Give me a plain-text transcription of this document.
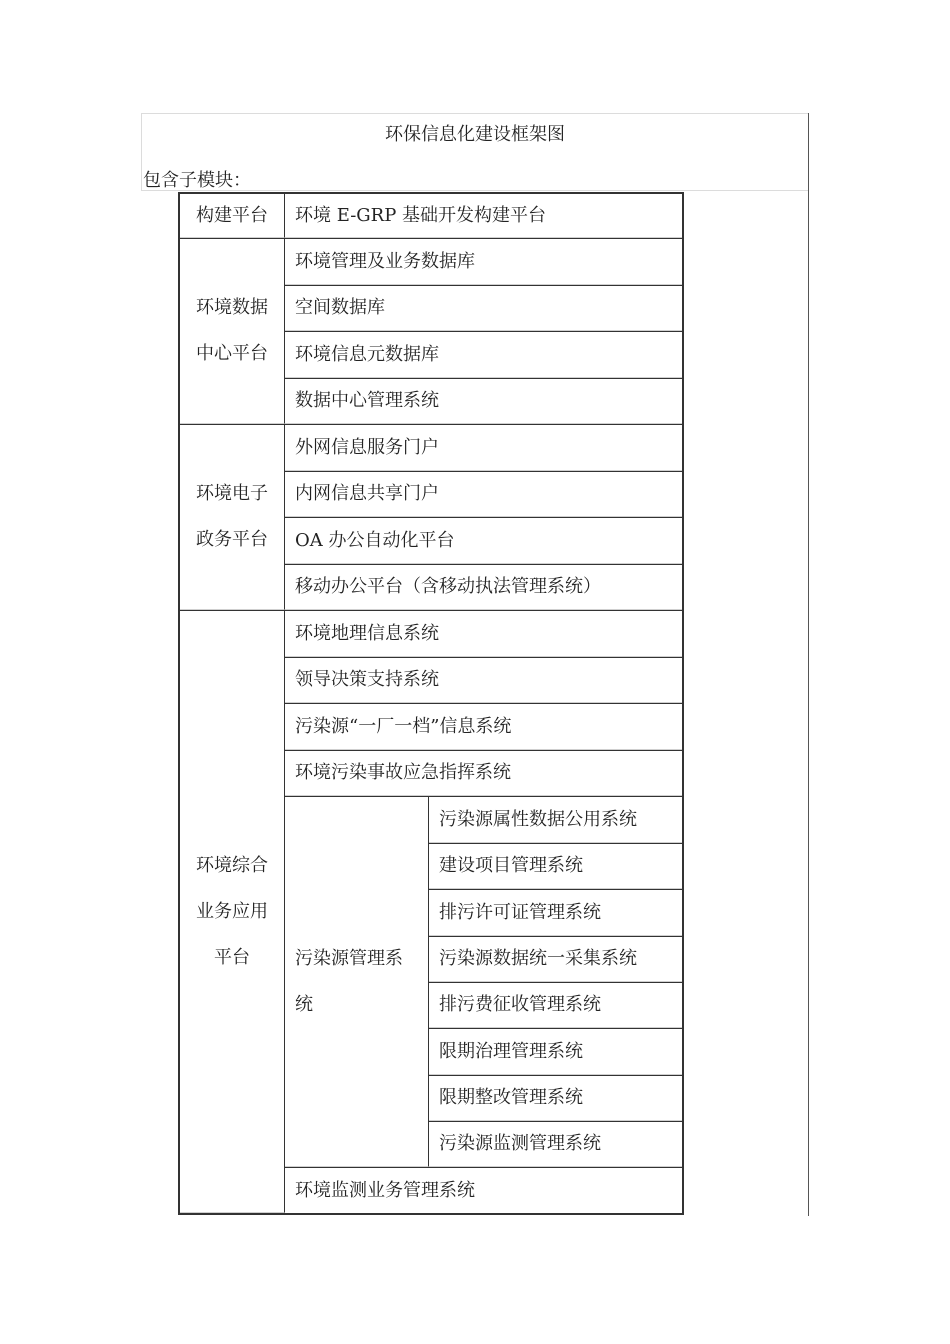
环保信息化建设框架图
包含子模块：
构建平台 环境 E-GRP 基础开发构建平台
环境数据
中心平台
环境管理及业务数据库
空间数据库
环境信息元数据库
数据中心管理系统
环境电子
政务平台
外网信息服务门户
内网信息共享门户
OA 办公自动化平台
移动办公平台（含移动执法管理系统）
环境综合
业务应用
平台
环境地理信息系统
领导决策支持系统
污染源“一厂一档”信息系统
环境污染事故应急指挥系统
污染源管理系
统
污染源属性数据公用系统
建设项目管理系统
排污许可证管理系统
污染源数据统一采集系统
排污费征收管理系统
限期治理管理系统
限期整改管理系统
污染源监测管理系统
环境监测业务管理系统
